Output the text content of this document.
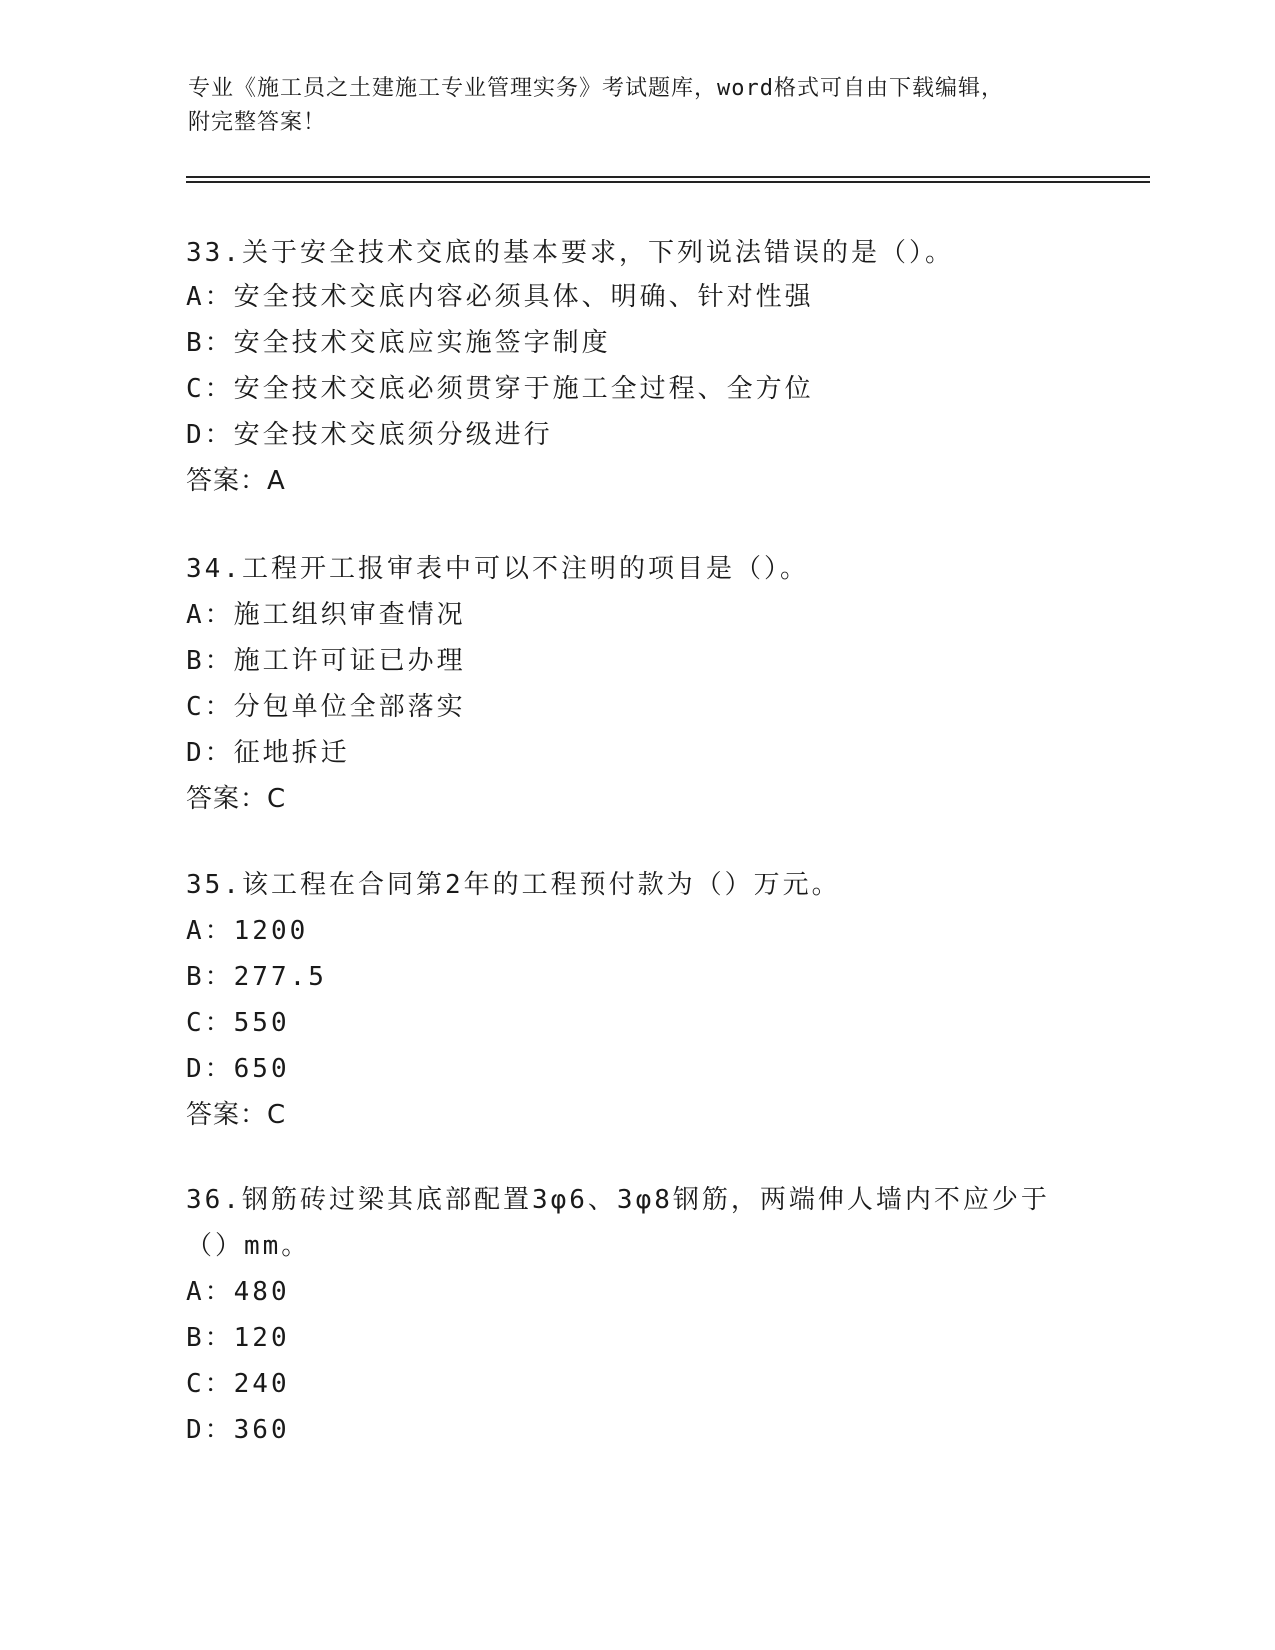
专业《施工员之土建施工专业管理实务》考试题库，word格式可自由下载编辑，
附完整答案！
33.关于安全技术交底的基本要求，下列说法错误的是（）。
A：安全技术交底内容必须具体、明确、针对性强
B：安全技术交底应实施签字制度
C：安全技术交底必须贯穿于施工全过程、全方位
D：安全技术交底须分级进行
答案：A
34.工程开工报审表中可以不注明的项目是（）。
A：施工组织审查情况
B：施工许可证已办理
C：分包单位全部落实
D：征地拆迁
答案：C
35.该工程在合同第2年的工程预付款为（）万元。
A：1200
B：277.5
C：550
D：650
答案：C
36.钢筋砖过梁其底部配置3φ6、3φ8钢筋，两端伸人墙内不应少于
（）mm。
A：480
B：120
C：240
D：360
